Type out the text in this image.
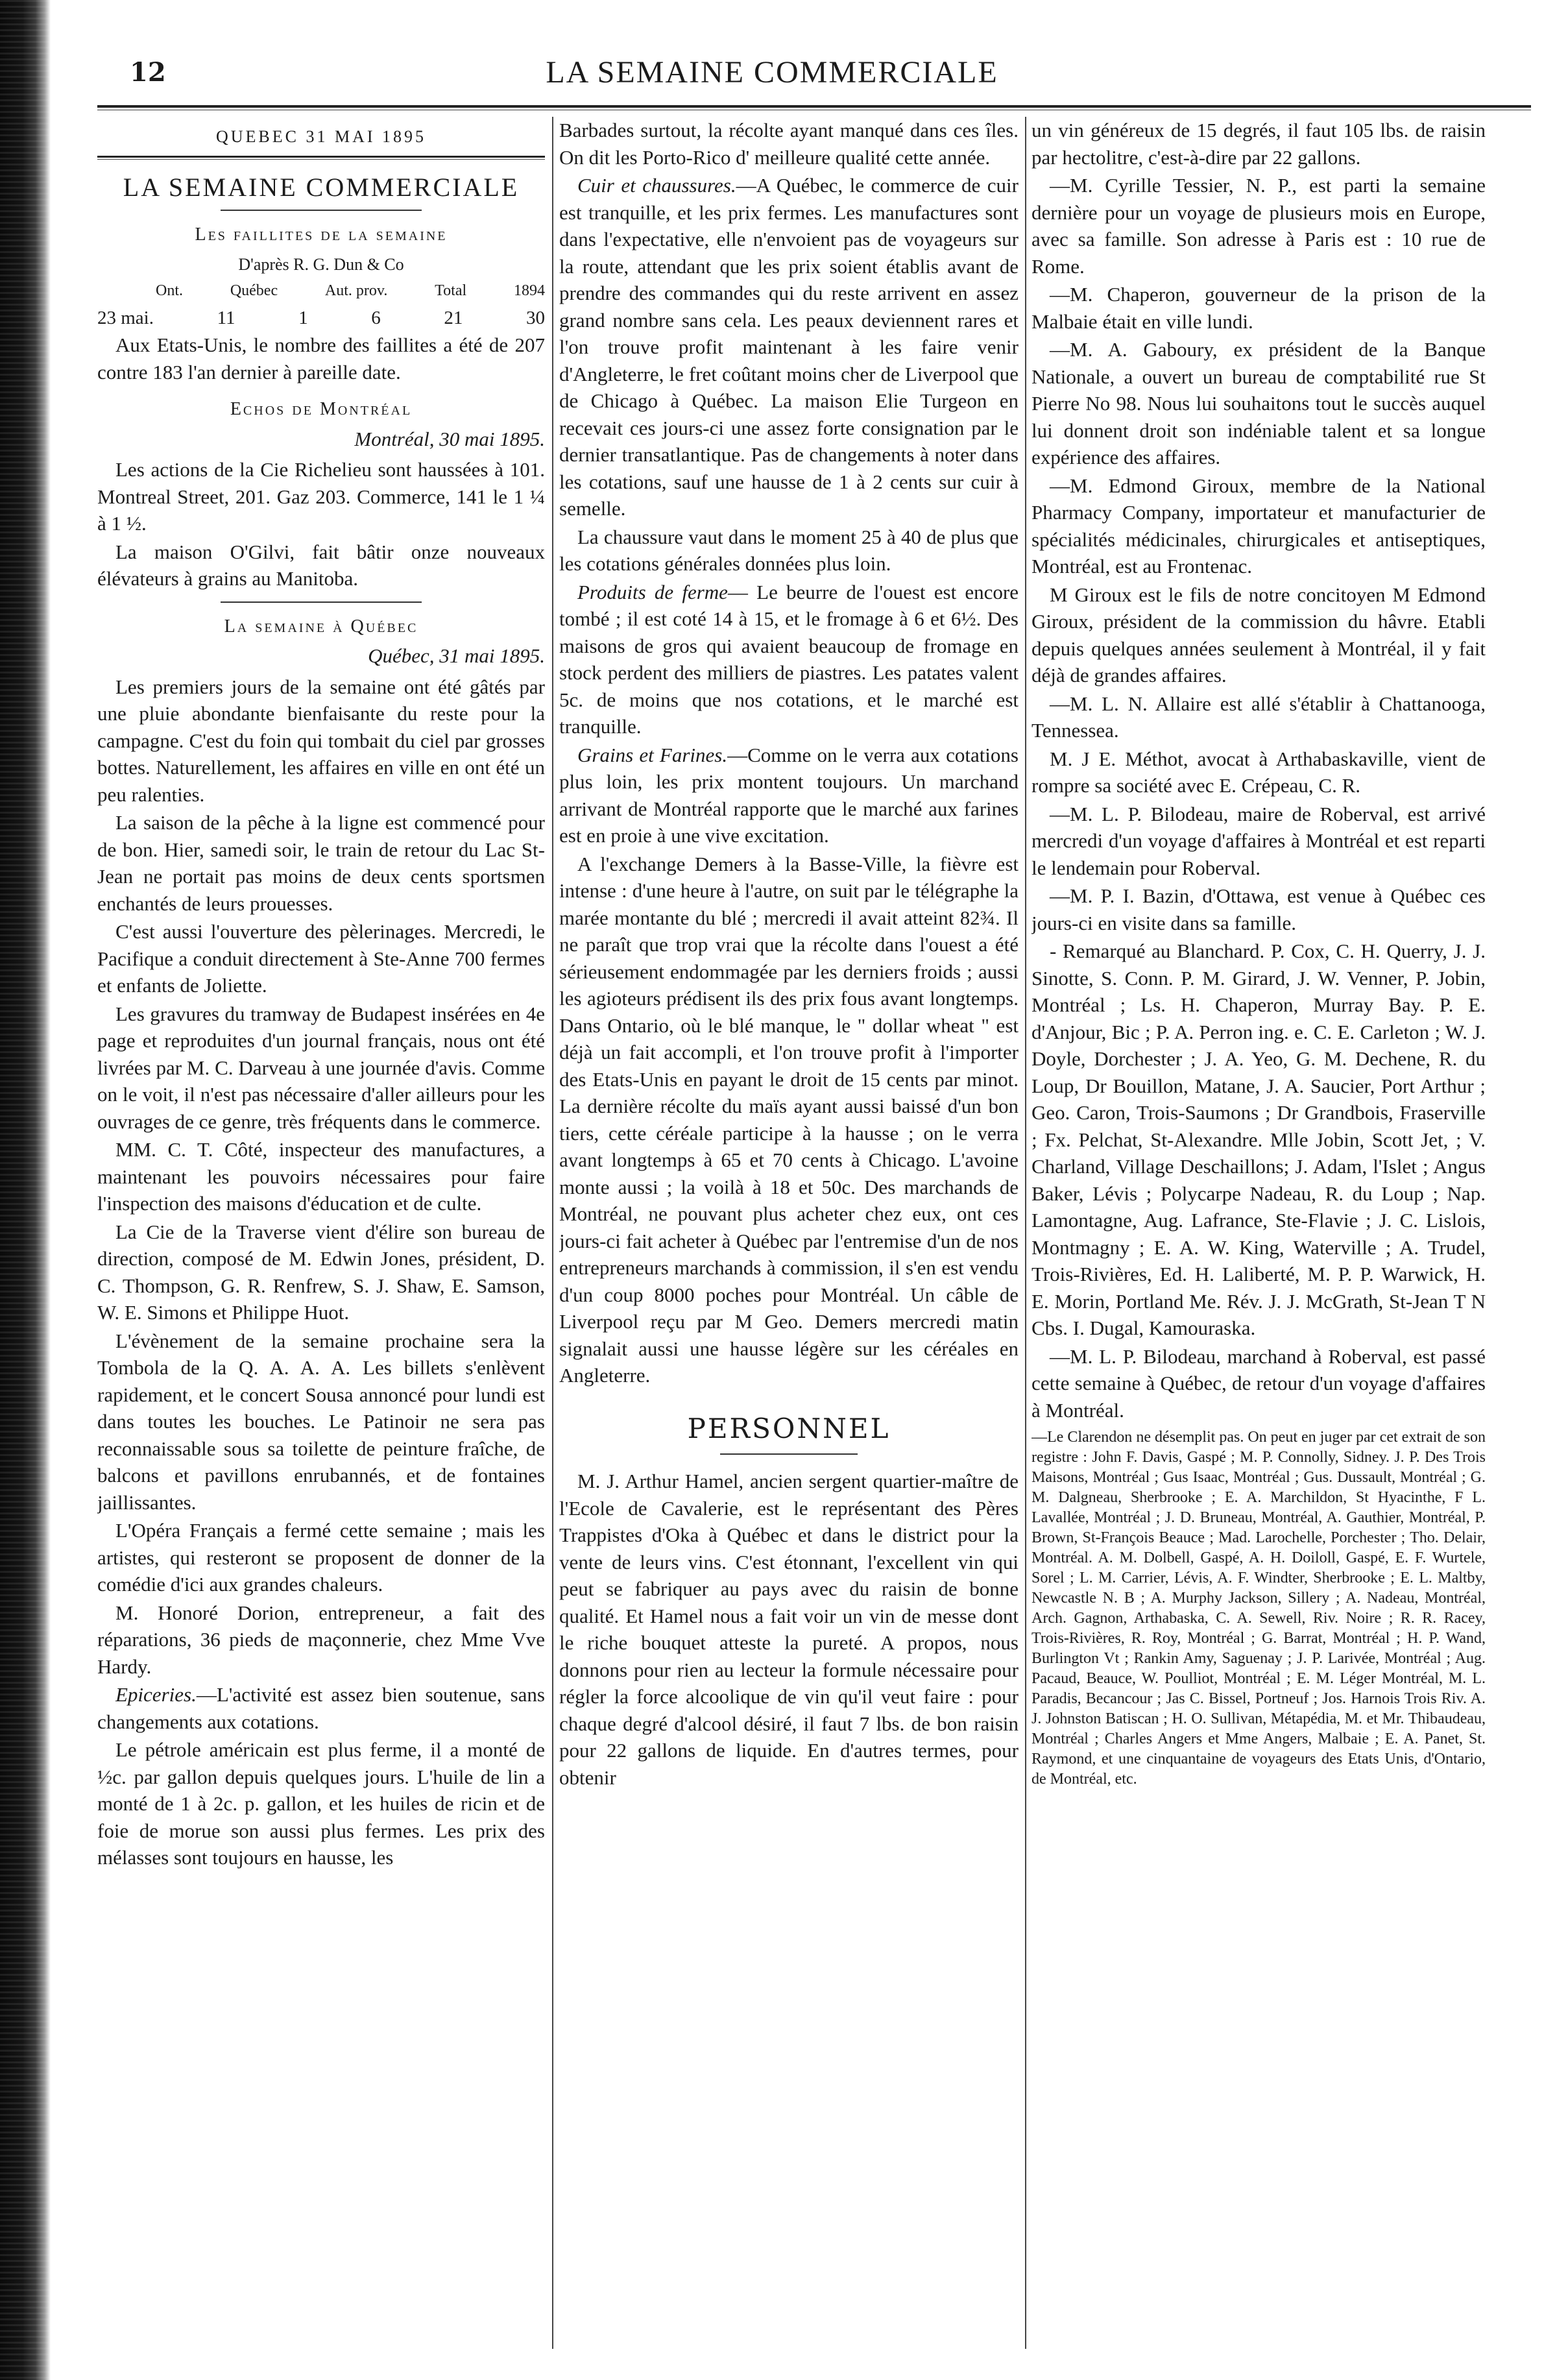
12	LA SEMAINE COMMERCIALE
QUEBEC 31 MAI 1895
LA SEMAINE COMMERCIALE
Les faillites de la semaine
D'après R. G. Dun & Co
Ont.	Québec	Aut. prov.	Total	1894
23 mai.	11	1	6	21	30

Aux Etats-Unis, le nombre des faillites a été de 207 contre 183 l'an dernier à pareille date.

Echos de Montréal
Montréal, 30 mai 1895.

Les actions de la Cie Richelieu sont haussées à 101. Montreal Street, 201. Gaz 203. Commerce, 141 le 1 ¼ à 1 ½.

La maison O'Gilvi, fait bâtir onze nouveaux élévateurs à grains au Manitoba.

La semaine à Québec
Québec, 31 mai 1895.

Les premiers jours de la semaine ont été gâtés par une pluie abondante bienfaisante du reste pour la campagne. C'est du foin qui tombait du ciel par grosses bottes. Naturellement, les affaires en ville en ont été un peu ralenties.

La saison de la pêche à la ligne est commencé pour de bon. Hier, samedi soir, le train de retour du Lac St-Jean ne portait pas moins de deux cents sportsmen enchantés de leurs prouesses.

C'est aussi l'ouverture des pèlerinages. Mercredi, le Pacifique a conduit directement à Ste-Anne 700 fermes et enfants de Joliette.

Les gravures du tramway de Budapest insérées en 4e page et reproduites d'un journal français, nous ont été livrées par M. C. Darveau à une journée d'avis. Comme on le voit, il n'est pas nécessaire d'aller ailleurs pour les ouvrages de ce genre, très fréquents dans le commerce.

MM. C. T. Côté, inspecteur des manufactures, a maintenant les pouvoirs nécessaires pour faire l'inspection des maisons d'éducation et de culte.

La Cie de la Traverse vient d'élire son bureau de direction, composé de M. Edwin Jones, président, D. C. Thompson, G. R. Renfrew, S. J. Shaw, E. Samson, W. E. Simons et Philippe Huot.

L'évènement de la semaine prochaine sera la Tombola de la Q. A. A. A. Les billets s'enlèvent rapidement, et le concert Sousa annoncé pour lundi est dans toutes les bouches. Le Patinoir ne sera pas reconnaissable sous sa toilette de peinture fraîche, de balcons et pavillons enrubannés, et de fontaines jaillissantes.

L'Opéra Français a fermé cette semaine ; mais les artistes, qui resteront se proposent de donner de la comédie d'ici aux grandes chaleurs.

M. Honoré Dorion, entrepreneur, a fait des réparations, 36 pieds de maçonnerie, chez Mme Vve Hardy.

Epiceries.—L'activité est assez bien soutenue, sans changements aux cotations.

Le pétrole américain est plus ferme, il a monté de ½c. par gallon depuis quelques jours. L'huile de lin a monté de 1 à 2c. p. gallon, et les huiles de ricin et de foie de morue son aussi plus fermes. Les prix des mélasses sont toujours en hausse, les

Barbades surtout, la récolte ayant manqué dans ces îles. On dit les Porto-Rico d' meilleure qualité cette année.

Cuir et chaussures.—A Québec, le commerce de cuir est tranquille, et les prix fermes. Les manufactures sont dans l'expectative, elle n'envoient pas de voyageurs sur la route, attendant que les prix soient établis avant de prendre des commandes qui du reste arrivent en assez grand nombre sans cela. Les peaux deviennent rares et l'on trouve profit maintenant à les faire venir d'Angleterre, le fret coûtant moins cher de Liverpool que de Chicago à Québec. La maison Elie Turgeon en recevait ces jours-ci une assez forte consignation par le dernier transatlantique. Pas de changements à noter dans les cotations, sauf une hausse de 1 à 2 cents sur cuir à semelle.

La chaussure vaut dans le moment 25 à 40 de plus que les cotations générales données plus loin.

Produits de ferme— Le beurre de l'ouest est encore tombé ; il est coté 14 à 15, et le fromage à 6 et 6½. Des maisons de gros qui avaient beaucoup de fromage en stock perdent des milliers de piastres. Les patates valent 5c. de moins que nos cotations, et le marché est tranquille.

Grains et Farines.—Comme on le verra aux cotations plus loin, les prix montent toujours. Un marchand arrivant de Montréal rapporte que le marché aux farines est en proie à une vive excitation.

A l'exchange Demers à la Basse-Ville, la fièvre est intense : d'une heure à l'autre, on suit par le télégraphe la marée montante du blé ; mercredi il avait atteint 82¾. Il ne paraît que trop vrai que la récolte dans l'ouest a été sérieusement endommagée par les derniers froids ; aussi les agioteurs prédisent ils des prix fous avant longtemps. Dans Ontario, où le blé manque, le " dollar wheat " est déjà un fait accompli, et l'on trouve profit à l'importer des Etats-Unis en payant le droit de 15 cents par minot. La dernière récolte du maïs ayant aussi baissé d'un bon tiers, cette céréale participe à la hausse ; on le verra avant longtemps à 65 et 70 cents à Chicago. L'avoine monte aussi ; la voilà à 18 et 50c. Des marchands de Montréal, ne pouvant plus acheter chez eux, ont ces jours-ci fait acheter à Québec par l'entremise d'un de nos entrepreneurs marchands à commission, il s'en est vendu d'un coup 8000 poches pour Montréal. Un câble de Liverpool reçu par M Geo. Demers mercredi matin signalait aussi une hausse légère sur les céréales en Angleterre.

PERSONNEL

M. J. Arthur Hamel, ancien sergent quartier-maître de l'Ecole de Cavalerie, est le représentant des Pères Trappistes d'Oka à Québec et dans le district pour la vente de leurs vins. C'est étonnant, l'excellent vin qui peut se fabriquer au pays avec du raisin de bonne qualité. Et Hamel nous a fait voir un vin de messe dont le riche bouquet atteste la pureté. A propos, nous donnons pour rien au lecteur la formule nécessaire pour régler la force alcoolique de vin qu'il veut faire : pour chaque degré d'alcool désiré, il faut 7 lbs. de bon raisin pour 22 gallons de liquide. En d'autres termes, pour obtenir

un vin généreux de 15 degrés, il faut 105 lbs. de raisin par hectolitre, c'est-à-dire par 22 gallons.

—M. Cyrille Tessier, N. P., est parti la semaine dernière pour un voyage de plusieurs mois en Europe, avec sa famille. Son adresse à Paris est : 10 rue de Rome.

—M. Chaperon, gouverneur de la prison de la Malbaie était en ville lundi.

—M. A. Gaboury, ex président de la Banque Nationale, a ouvert un bureau de comptabilité rue St Pierre No 98. Nous lui souhaitons tout le succès auquel lui donnent droit son indéniable talent et sa longue expérience des affaires.

—M. Edmond Giroux, membre de la National Pharmacy Company, importateur et manufacturier de spécialités médicinales, chirurgicales et antiseptiques, Montréal, est au Frontenac.

M Giroux est le fils de notre concitoyen M Edmond Giroux, président de la commission du hâvre. Etabli depuis quelques années seulement à Montréal, il y fait déjà de grandes affaires.

—M. L. N. Allaire est allé s'établir à Chattanooga, Tennessea.

M. J E. Méthot, avocat à Arthabaskaville, vient de rompre sa société avec E. Crépeau, C. R.

—M. L. P. Bilodeau, maire de Roberval, est arrivé mercredi d'un voyage d'affaires à Montréal et est reparti le lendemain pour Roberval.

—M. P. I. Bazin, d'Ottawa, est venue à Québec ces jours-ci en visite dans sa famille.

- Remarqué au Blanchard. P. Cox, C. H. Querry, J. J. Sinotte, S. Conn. P. M. Girard, J. W. Venner, P. Jobin, Montréal ; Ls. H. Chaperon, Murray Bay. P. E. d'Anjour, Bic ; P. A. Perron ing. e. C. E. Carleton ; W. J. Doyle, Dorchester ; J. A. Yeo, G. M. Dechene, R. du Loup, Dr Bouillon, Matane, J. A. Saucier, Port Arthur ; Geo. Caron, Trois-Saumons ; Dr Grandbois, Fraserville ; Fx. Pelchat, St-Alexandre. Mlle Jobin, Scott Jet, ; V. Charland, Village Deschaillons; J. Adam, l'Islet ; Angus Baker, Lévis ; Polycarpe Nadeau, R. du Loup ; Nap. Lamontagne, Aug. Lafrance, Ste-Flavie ; J. C. Lislois, Montmagny ; E. A. W. King, Waterville ; A. Trudel, Trois-Rivières, Ed. H. Laliberté, M. P. P. Warwick, H. E. Morin, Portland Me. Rév. J. J. McGrath, St-Jean T N Cbs. I. Dugal, Kamouraska.

—M. L. P. Bilodeau, marchand à Roberval, est passé cette semaine à Québec, de retour d'un voyage d'affaires à Montréal.

—Le Clarendon ne désemplit pas. On peut en juger par cet extrait de son registre : John F. Davis, Gaspé ; M. P. Connolly, Sidney. J. P. Des Trois Maisons, Montréal ; Gus Isaac, Montréal ; Gus. Dussault, Montréal ; G. M. Dalgneau, Sherbrooke ; E. A. Marchildon, St Hyacinthe, F L. Lavallée, Montréal ; J. D. Bruneau, Montréal, A. Gauthier, Montréal, P. Brown, St-François Beauce ; Mad. Larochelle, Porchester ; Tho. Delair, Montréal. A. M. Dolbell, Gaspé, A. H. Doiloll, Gaspé, E. F. Wurtele, Sorel ; L. M. Carrier, Lévis, A. F. Windter, Sherbrooke ; E. L. Maltby, Newcastle N. B ; A. Murphy Jackson, Sillery ; A. Nadeau, Montréal, Arch. Gagnon, Arthabaska, C. A. Sewell, Riv. Noire ; R. R. Racey, Trois-Rivières, R. Roy, Montréal ; G. Barrat, Montréal ; H. P. Wand, Burlington Vt ; Rankin Amy, Saguenay ; J. P. Larivée, Montréal ; Aug. Pacaud, Beauce, W. Poulliot, Montréal ; E. M. Léger Montréal, M. L. Paradis, Becancour ; Jas C. Bissel, Portneuf ; Jos. Harnois Trois Riv. A. J. Johnston Batiscan ; H. O. Sullivan, Métapédia, M. et Mr. Thibaudeau, Montréal ; Charles Angers et Mme Angers, Malbaie ; E. A. Panet, St. Raymond, et une cinquantaine de voyageurs des Etats Unis, d'Ontario, de Montréal, etc.
